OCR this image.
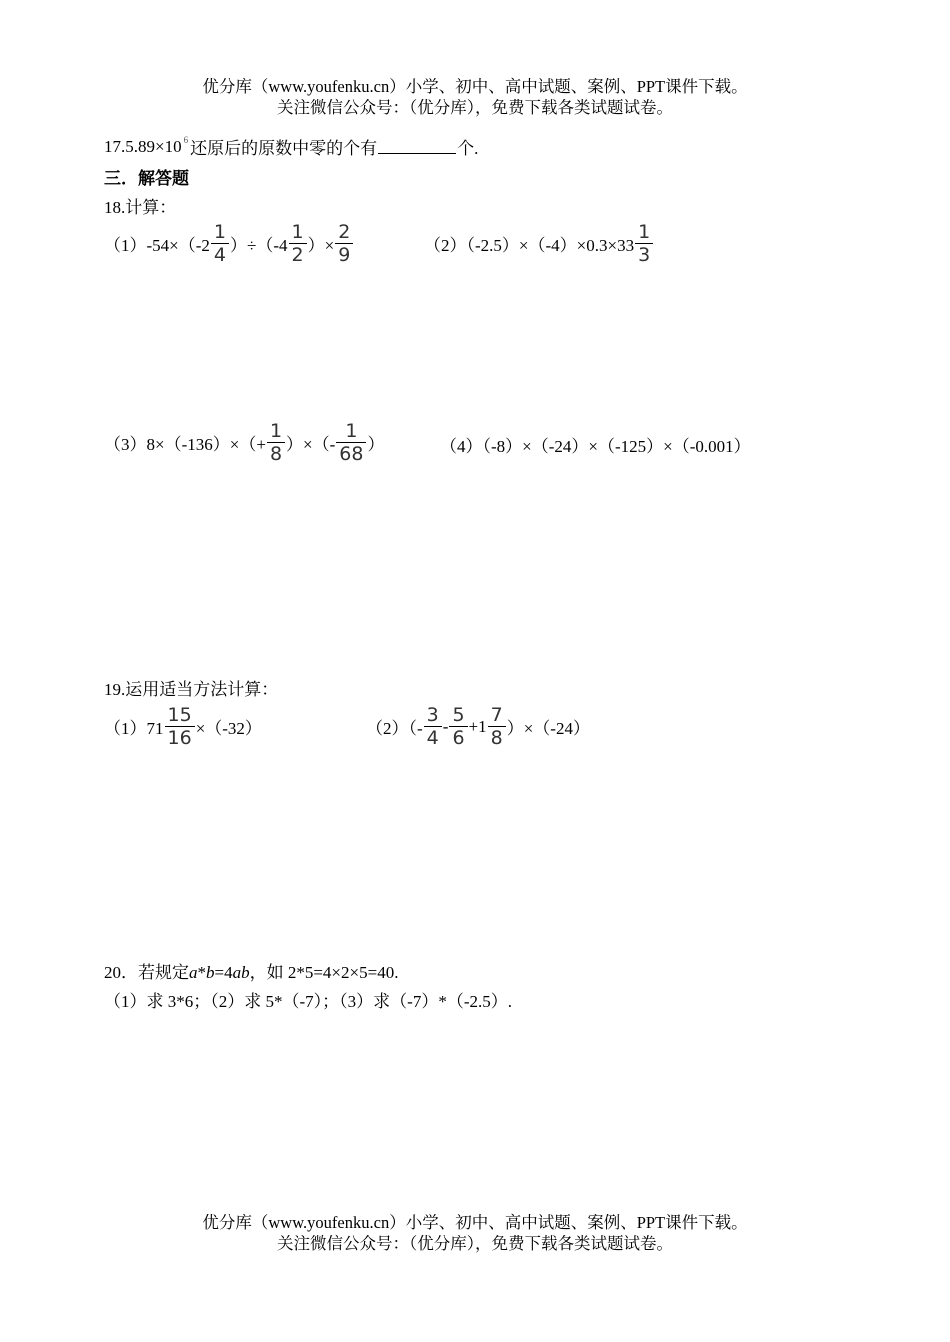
优分库（www.youfenku.cn）小学、初中、高中试题、案例、PPT课件下载。
关注微信公众号：（优分库），免费下载各类试题试卷。
17.5.89×10 6 还原后的原数中零的个有	个.
三．解答题
18.计算：
$(1)-54\times(-2 \frac{1}{4} )\div(-4 \frac{1}{2}$ ）× $\frac{2}{9}$	$(2)(-2.5)\times(-4)\times 0.3\times 33 \frac{1}{3}$
$(3)8\times(-136)\times(+ \frac{1}{8}$ ）×（- $\frac{1}{68}$ ）	（4）（-8）×（-24）×（-125）×（-0.001）
19.运用适当方法计算：
$(1)71 \frac{15}{16} \times(-32)$	$(2)(- \frac{3}{4} - \frac{5}{6} +1 \frac{7}{8} )\times(-24)$
20．若规定a*b=4ab，如 2*5=4×2×5=40.
（1）求 3*6；（2）求 5*（-7）；（3）求（-7）*（-2.5）.
优分库（www.youfenku.cn）小学、初中、高中试题、案例、PPT课件下载。
关注微信公众号：（优分库），免费下载各类试题试卷。
